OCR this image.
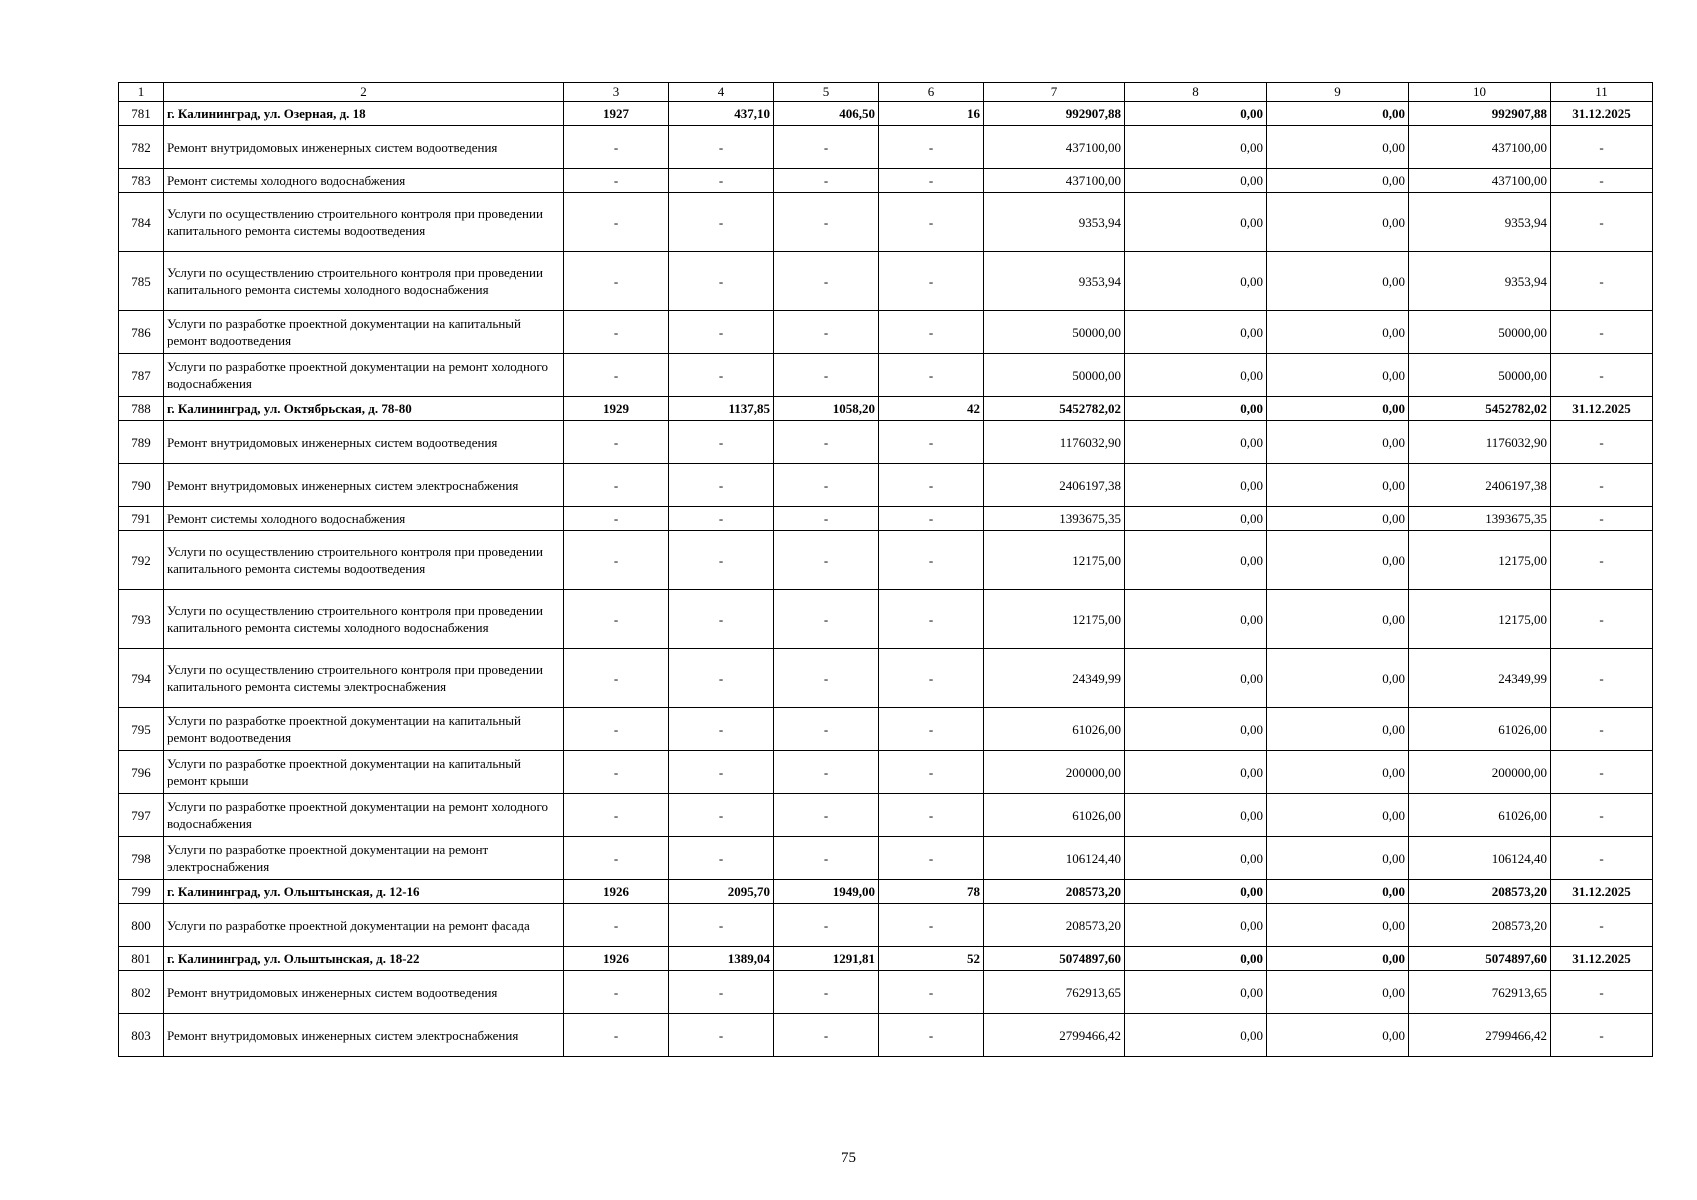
1	2	3	4	5	6	7	8	9	10	11
781	г. Калининград, ул. Озерная, д. 18	1927	437,10	406,50	16	992907,88	0,00	0,00	992907,88	31.12.2025
782	Ремонт внутридомовых инженерных систем водоотведения	-	-	-	-	437100,00	0,00	0,00	437100,00	-
783	Ремонт системы холодного водоснабжения	-	-	-	-	437100,00	0,00	0,00	437100,00	-
784	Услуги по осуществлению строительного контроля при проведении капитального ремонта системы водоотведения	-	-	-	-	9353,94	0,00	0,00	9353,94	-
785	Услуги по осуществлению строительного контроля при проведении капитального ремонта системы холодного водоснабжения	-	-	-	-	9353,94	0,00	0,00	9353,94	-
786	Услуги по разработке проектной документации на капитальный ремонт водоотведения	-	-	-	-	50000,00	0,00	0,00	50000,00	-
787	Услуги по разработке проектной документации на ремонт холодного водоснабжения	-	-	-	-	50000,00	0,00	0,00	50000,00	-
788	г. Калининград, ул. Октябрьская, д. 78-80	1929	1137,85	1058,20	42	5452782,02	0,00	0,00	5452782,02	31.12.2025
789	Ремонт внутридомовых инженерных систем водоотведения	-	-	-	-	1176032,90	0,00	0,00	1176032,90	-
790	Ремонт внутридомовых инженерных систем электроснабжения	-	-	-	-	2406197,38	0,00	0,00	2406197,38	-
791	Ремонт системы холодного водоснабжения	-	-	-	-	1393675,35	0,00	0,00	1393675,35	-
792	Услуги по осуществлению строительного контроля при проведении капитального ремонта системы водоотведения	-	-	-	-	12175,00	0,00	0,00	12175,00	-
793	Услуги по осуществлению строительного контроля при проведении капитального ремонта системы холодного водоснабжения	-	-	-	-	12175,00	0,00	0,00	12175,00	-
794	Услуги по осуществлению строительного контроля при проведении капитального ремонта системы электроснабжения	-	-	-	-	24349,99	0,00	0,00	24349,99	-
795	Услуги по разработке проектной документации на капитальный ремонт водоотведения	-	-	-	-	61026,00	0,00	0,00	61026,00	-
796	Услуги по разработке проектной документации на капитальный ремонт крыши	-	-	-	-	200000,00	0,00	0,00	200000,00	-
797	Услуги по разработке проектной документации на ремонт холодного водоснабжения	-	-	-	-	61026,00	0,00	0,00	61026,00	-
798	Услуги по разработке проектной документации на ремонт электроснабжения	-	-	-	-	106124,40	0,00	0,00	106124,40	-
799	г. Калининград, ул. Ольштынская, д. 12-16	1926	2095,70	1949,00	78	208573,20	0,00	0,00	208573,20	31.12.2025
800	Услуги по разработке проектной документации на ремонт фасада	-	-	-	-	208573,20	0,00	0,00	208573,20	-
801	г. Калининград, ул. Ольштынская, д. 18-22	1926	1389,04	1291,81	52	5074897,60	0,00	0,00	5074897,60	31.12.2025
802	Ремонт внутридомовых инженерных систем водоотведения	-	-	-	-	762913,65	0,00	0,00	762913,65	-
803	Ремонт внутридомовых инженерных систем электроснабжения	-	-	-	-	2799466,42	0,00	0,00	2799466,42	-
75
